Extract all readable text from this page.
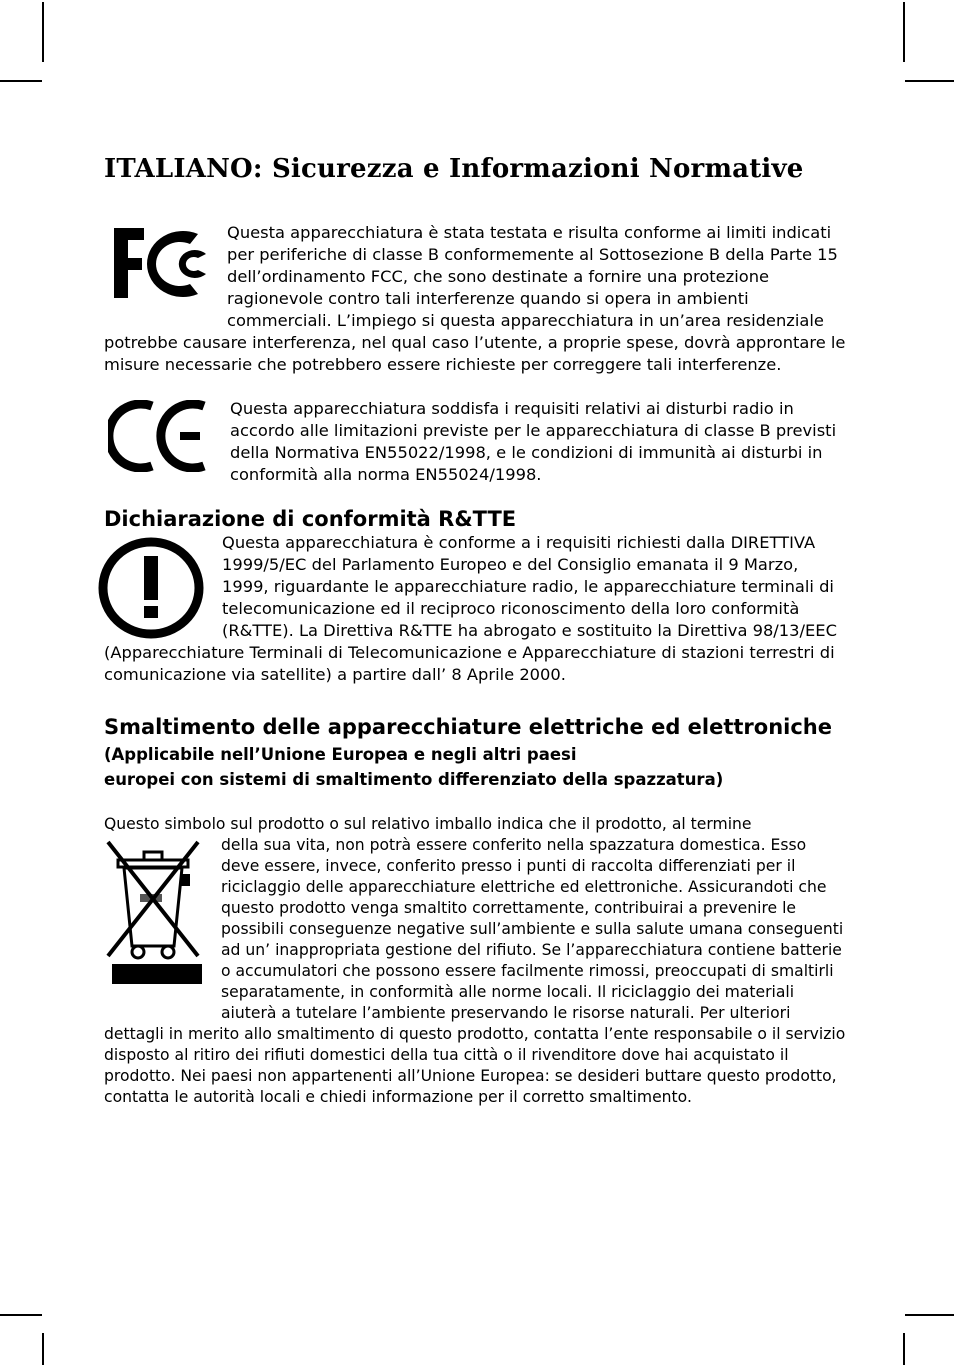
ITALIANO: Sicurezza e Informazioni Normative

Questa apparecchiatura è stata testata e risulta conforme ai limiti indicati per periferiche di classe B conformemente al Sottosezione B della Parte 15 dell’ordinamento FCC, che sono destinate a fornire una protezione ragionevole contro tali interferenze quando si opera in ambienti commerciali. L’impiego si questa apparecchiatura in un’area residenziale potrebbe causare interferenza, nel qual caso l’utente, a proprie spese, dovrà approntare le misure necessarie che potrebbero essere richieste per correggere tali interferenze.

Questa apparecchiatura soddisfa i requisiti relativi ai disturbi radio in accordo alle limitazioni previste per le apparecchiatura di classe B previsti della Normativa EN55022/1998, e le condizioni di immunità ai disturbi in conformità alla norma EN55024/1998.

Dichiarazione di conformità R&TTE

Questa apparecchiatura è conforme a i requisiti richiesti dalla DIRETTIVA 1999/5/EC del Parlamento Europeo e del Consiglio emanata il 9 Marzo, 1999, riguardante le apparecchiature radio, le apparecchiature terminali di telecomunicazione ed il reciproco riconoscimento della loro conformità (R&TTE). La Direttiva R&TTE ha abrogato e sostituito la Direttiva 98/13/EEC (Apparecchiature Terminali di Telecomunicazione e Apparecchiature di stazioni terrestri di comunicazione via satellite) a partire dall’ 8 Aprile 2000.

Smaltimento delle apparecchiature elettriche ed elettroniche (Applicabile nell’Unione Europea e negli altri paesi

europei con sistemi di smaltimento differenziato della spazzatura)

Questo simbolo sul prodotto o sul relativo imballo indica che il prodotto, al termine

della sua vita, non potrà essere conferito nella spazzatura domestica. Esso deve essere, invece, conferito presso i punti di raccolta differenziati per il riciclaggio delle apparecchiature elettriche ed elettroniche. Assicurandoti che questo prodotto venga smaltito correttamente, contribuirai a prevenire le possibili conseguenze negative sull’ambiente e sulla salute umana conseguenti ad un’ inappropriata gestione del rifiuto. Se l’apparecchiatura contiene batterie o accumulatori che possono essere facilmente rimossi, preoccupati di smaltirli separatamente, in conformità alle norme locali. Il riciclaggio dei materiali aiuterà a tutelare l’ambiente preservando le risorse naturali. Per ulteriori dettagli in merito allo smaltimento di questo prodotto, contatta l’ente responsabile o il servizio disposto al ritiro dei rifiuti domestici della tua città o il rivenditore dove hai acquistato il prodotto. Nei paesi non appartenenti all’Unione Europea: se desideri buttare questo prodotto, contatta le autorità locali e chiedi informazione per il corretto smaltimento.
